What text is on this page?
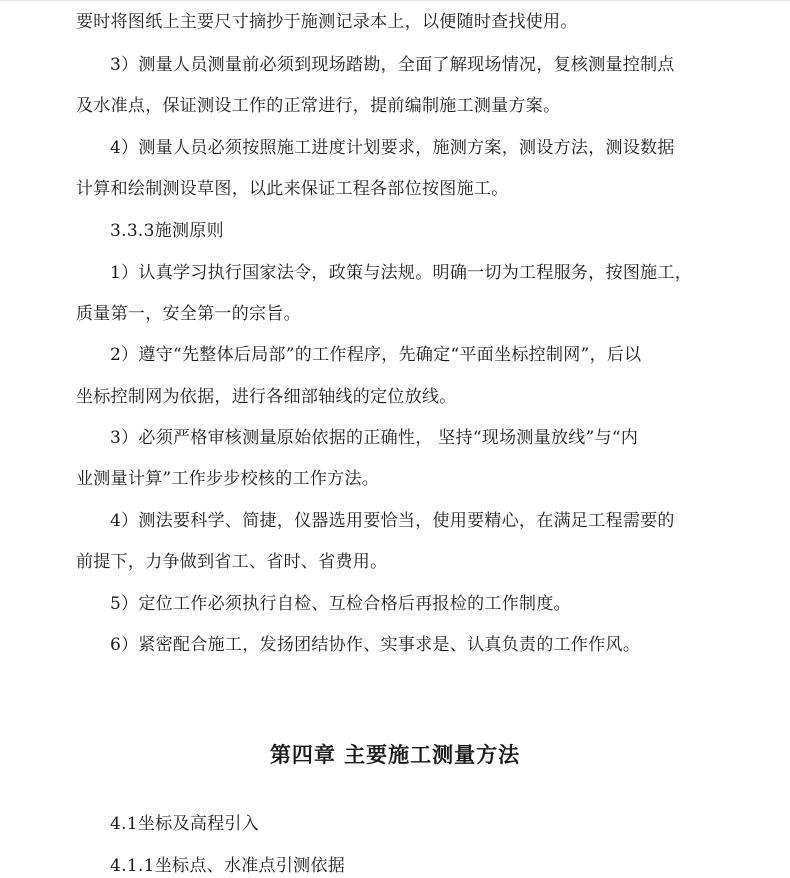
要时将图纸上主要尺寸摘抄于施测记录本上，以便随时查找使用。
3）测量人员测量前必须到现场踏勘，全面了解现场情况，复核测量控制点
及水准点，保证测设工作的正常进行，提前编制施工测量方案。
4）测量人员必须按照施工进度计划要求，施测方案，测设方法，测设数据
计算和绘制测设草图，以此来保证工程各部位按图施工。
3.3.3施测原则
1）认真学习执行国家法令，政策与法规。明确一切为工程服务，按图施工，
质量第一，安全第一的宗旨。
2）遵守“先整体后局部”的工作程序，先确定“平面坐标控制网”，后以
坐标控制网为依据，进行各细部轴线的定位放线。
3）必须严格审核测量原始依据的正确性， 坚持“现场测量放线”与“内
业测量计算”工作步步校核的工作方法。
4）测法要科学、简捷，仪器选用要恰当，使用要精心，在满足工程需要的
前提下，力争做到省工、省时、省费用。
5）定位工作必须执行自检、互检合格后再报检的工作制度。
6）紧密配合施工，发扬团结协作、实事求是、认真负责的工作作风。
第四章 主要施工测量方法
4.1坐标及高程引入
4.1.1坐标点、水准点引测依据
